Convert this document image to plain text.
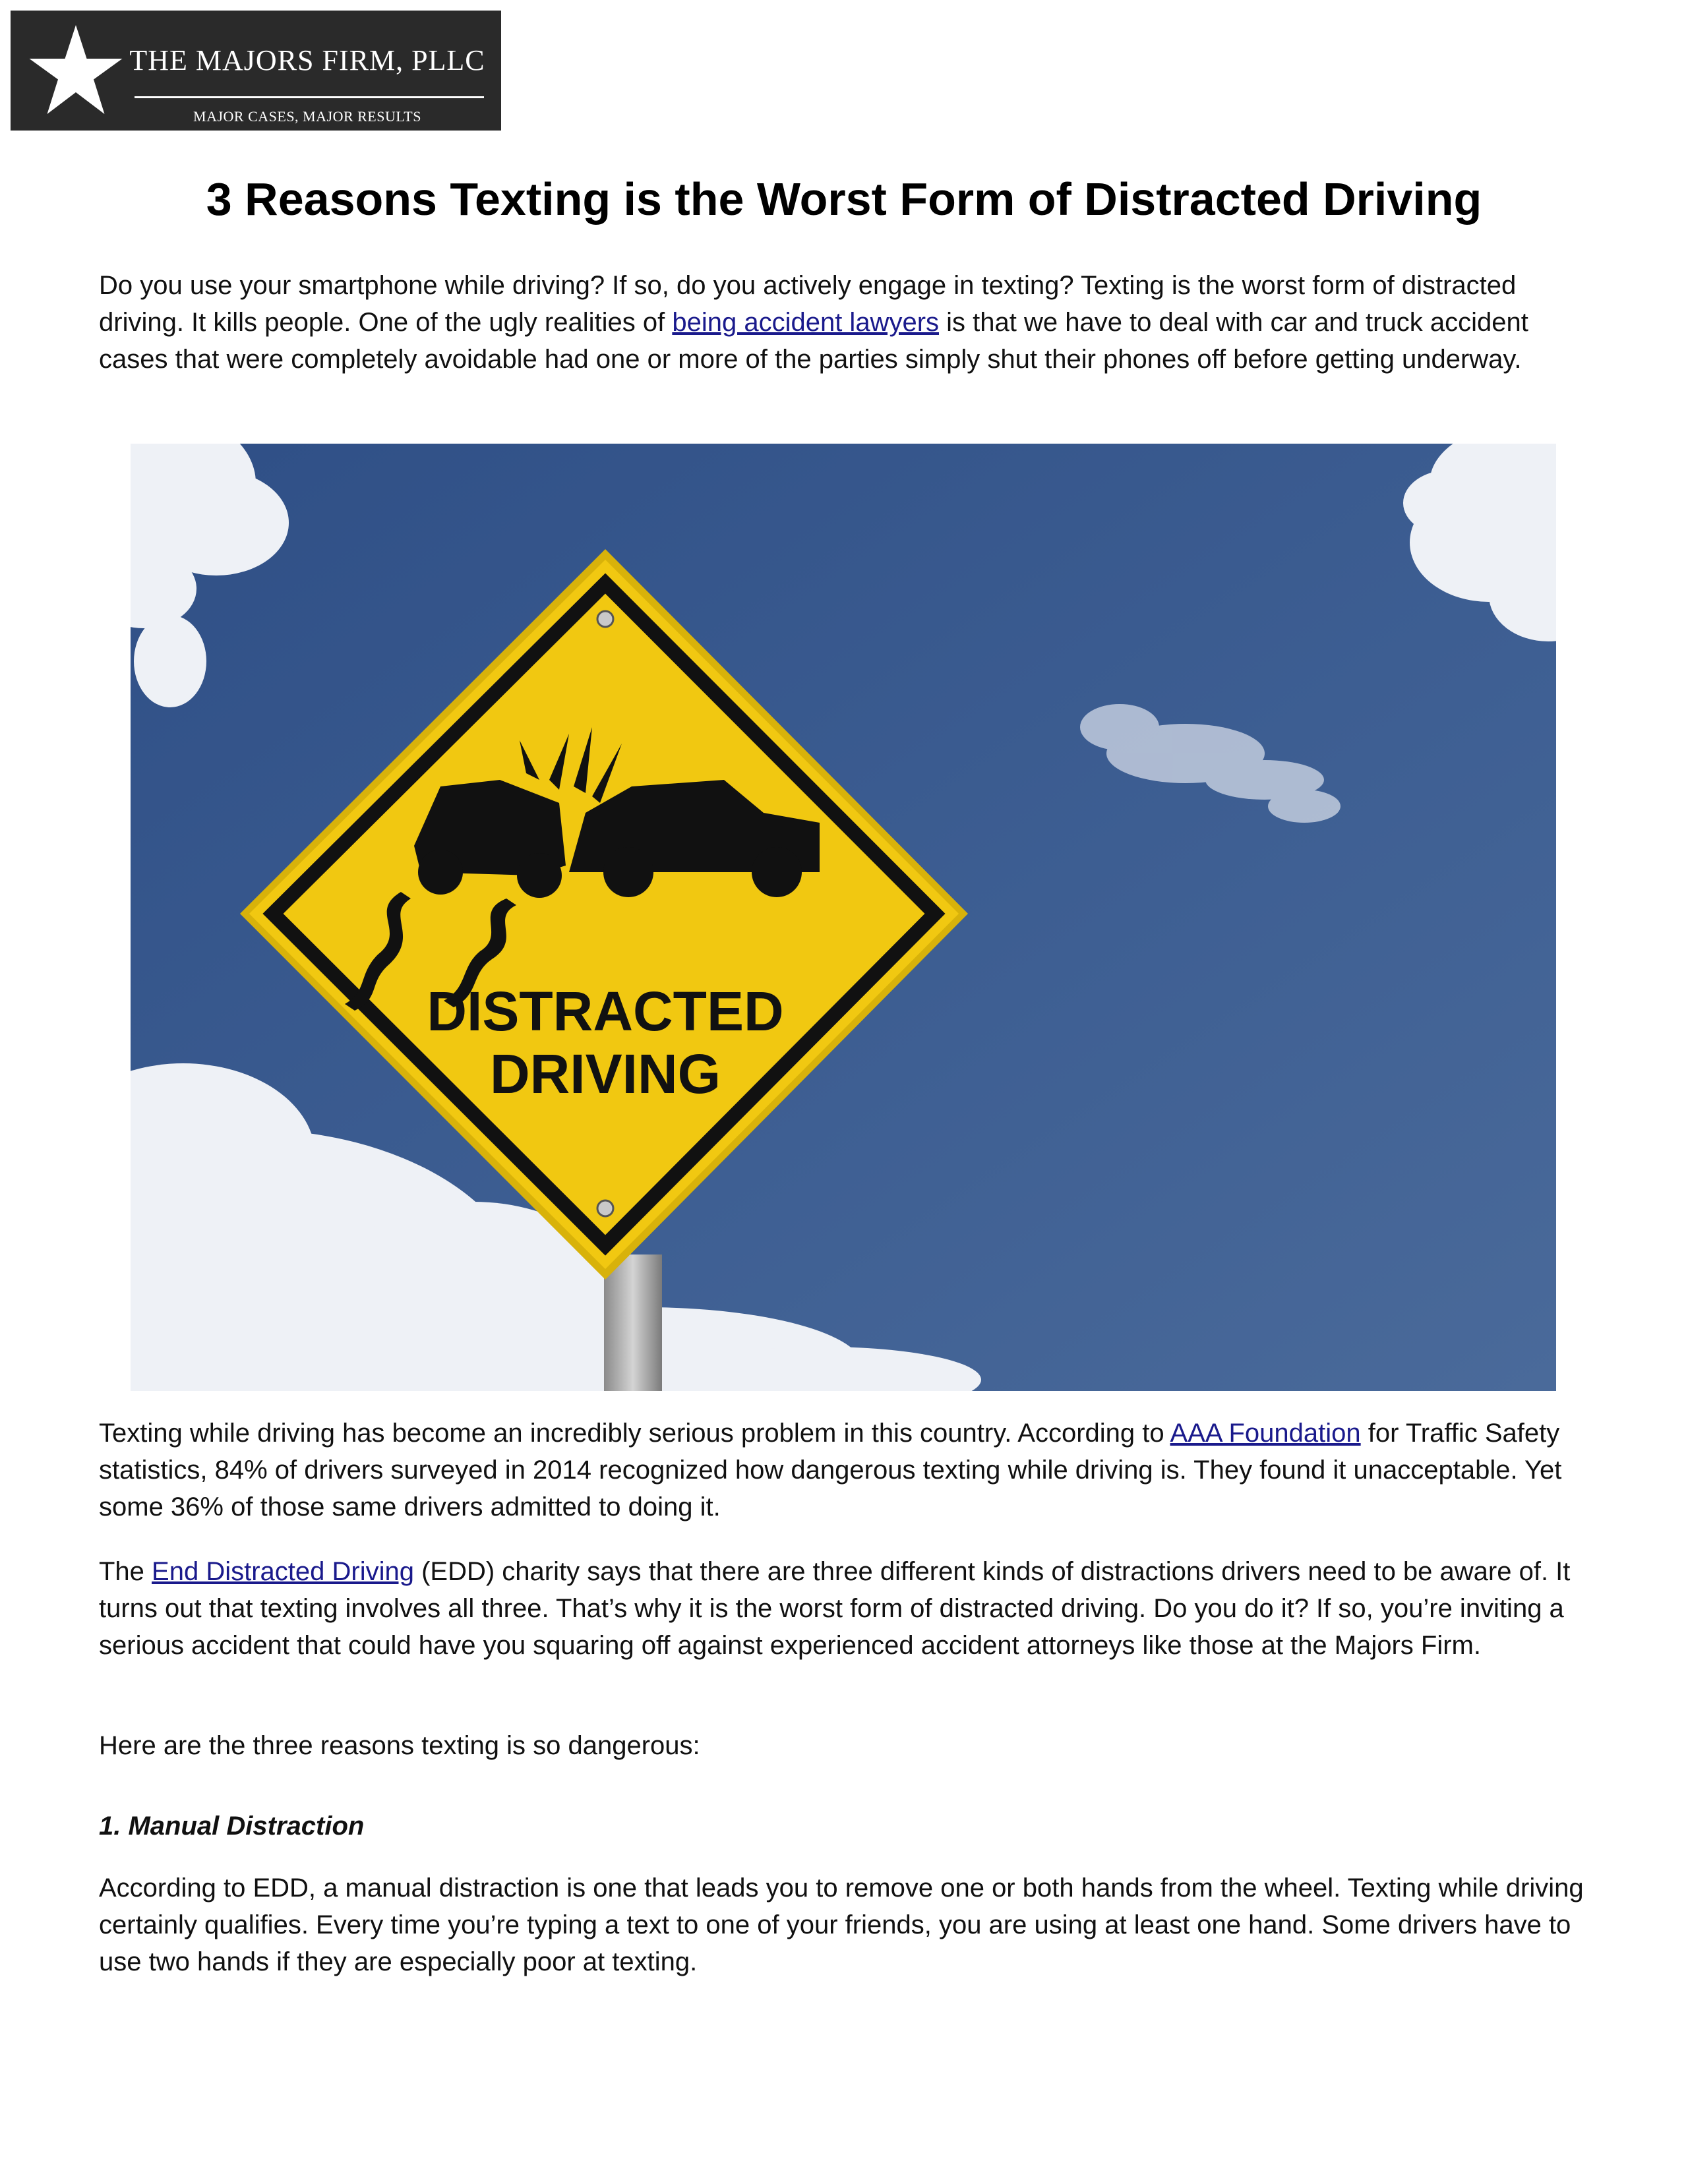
THE MAJORS FIRM, PLLC
MAJOR CASES, MAJOR RESULTS
3 Reasons Texting is the Worst Form of Distracted Driving

Do you use your smartphone while driving? If so, do you actively engage in texting? Texting is the worst form of distracted driving. It kills people. One of the ugly realities of being accident lawyers is that we have to deal with car and truck accident cases that were completely avoidable had one or more of the parties simply shut their phones off before getting underway.

DISTRACTED
DRIVING

Texting while driving has become an incredibly serious problem in this country. According to AAA Foundation for Traffic Safety statistics, 84% of drivers surveyed in 2014 recognized how dangerous texting while driving is. They found it unacceptable. Yet some 36% of those same drivers admitted to doing it.

The End Distracted Driving (EDD) charity says that there are three different kinds of distractions drivers need to be aware of. It turns out that texting involves all three. That’s why it is the worst form of distracted driving. Do you do it? If so, you’re inviting a serious accident that could have you squaring off against experienced accident attorneys like those at the Majors Firm.

Here are the three reasons texting is so dangerous:

1. Manual Distraction

According to EDD, a manual distraction is one that leads you to remove one or both hands from the wheel. Texting while driving certainly qualifies. Every time you’re typing a text to one of your friends, you are using at least one hand. Some drivers have to use two hands if they are especially poor at texting.
